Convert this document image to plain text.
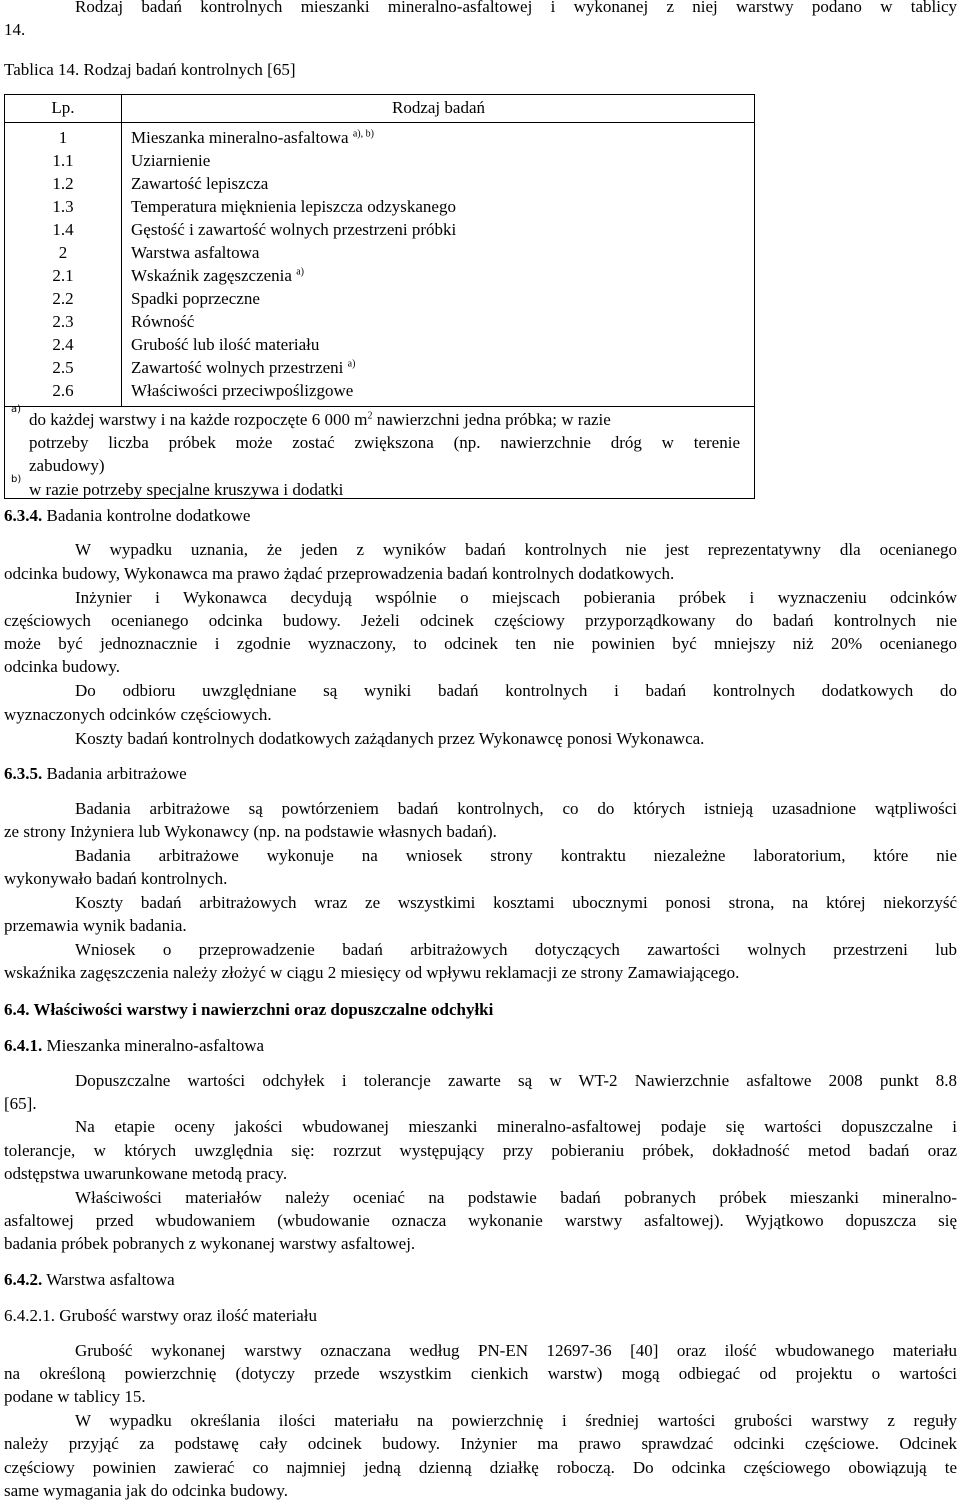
Rodzaj badań kontrolnych mieszanki mineralno-asfaltowej i wykonanej z niej warstwy podano w tablicy
14.
Tablica 14. Rodzaj badań kontrolnych [65]
Lp.	Rodzaj badań
1	Mieszanka mineralno-asfaltowa $^{a), b)}$
1.1	Uziarnienie
1.2	Zawartość lepiszcza
1.3	Temperatura mięknienia lepiszcza odzyskanego
1.4	Gęstość i zawartość wolnych przestrzeni próbki
2	Warstwa asfaltowa
2.1	Wskaźnik zagęszczenia $^{a)}$
2.2	Spadki poprzeczne
2.3	Równość
2.4	Grubość lub ilość materiału
2.5	Zawartość wolnych przestrzeni $^{a)}$
2.6	Właściwości przeciwpoślizgowe
a)
do każdej warstwy i na każde rozpoczęte 6 000 $m^2$ nawierzchni jedna próbka; w razie
potrzeby liczba próbek może zostać zwiększona (np. nawierzchnie dróg w terenie
zabudowy)
b)
w razie potrzeby specjalne kruszywa i dodatki
6.3.4. Badania kontrolne dodatkowe
W wypadku uznania, że jeden z wyników badań kontrolnych nie jest reprezentatywny dla ocenianego
odcinka budowy, Wykonawca ma prawo żądać przeprowadzenia badań kontrolnych dodatkowych.
Inżynier i Wykonawca decydują wspólnie o miejscach pobierania próbek i wyznaczeniu odcinków
częściowych ocenianego odcinka budowy. Jeżeli odcinek częściowy przyporządkowany do badań kontrolnych nie
może być jednoznacznie i zgodnie wyznaczony, to odcinek ten nie powinien być mniejszy niż 20% ocenianego
odcinka budowy.
Do odbioru uwzględniane są wyniki badań kontrolnych i badań kontrolnych dodatkowych do
wyznaczonych odcinków częściowych.
Koszty badań kontrolnych dodatkowych zażądanych przez Wykonawcę ponosi Wykonawca.
6.3.5. Badania arbitrażowe
Badania arbitrażowe są powtórzeniem badań kontrolnych, co do których istnieją uzasadnione wątpliwości
ze strony Inżyniera lub Wykonawcy (np. na podstawie własnych badań).
Badania arbitrażowe wykonuje na wniosek strony kontraktu niezależne laboratorium, które nie
wykonywało badań kontrolnych.
Koszty badań arbitrażowych wraz ze wszystkimi kosztami ubocznymi ponosi strona, na której niekorzyść
przemawia wynik badania.
Wniosek o przeprowadzenie badań arbitrażowych dotyczących zawartości wolnych przestrzeni lub
wskaźnika zagęszczenia należy złożyć w ciągu 2 miesięcy od wpływu reklamacji ze strony Zamawiającego.
6.4. Właściwości warstwy i nawierzchni oraz dopuszczalne odchyłki
6.4.1. Mieszanka mineralno-asfaltowa
Dopuszczalne wartości odchyłek i tolerancje zawarte są w WT-2 Nawierzchnie asfaltowe 2008 punkt 8.8
[65].
Na etapie oceny jakości wbudowanej mieszanki mineralno-asfaltowej podaje się wartości dopuszczalne i
tolerancje, w których uwzględnia się: rozrzut występujący przy pobieraniu próbek, dokładność metod badań oraz
odstępstwa uwarunkowane metodą pracy.
Właściwości materiałów należy oceniać na podstawie badań pobranych próbek mieszanki mineralno-
asfaltowej przed wbudowaniem (wbudowanie oznacza wykonanie warstwy asfaltowej). Wyjątkowo dopuszcza się
badania próbek pobranych z wykonanej warstwy asfaltowej.
6.4.2. Warstwa asfaltowa
6.4.2.1. Grubość warstwy oraz ilość materiału
Grubość wykonanej warstwy oznaczana według PN-EN 12697-36 [40] oraz ilość wbudowanego materiału
na określoną powierzchnię (dotyczy przede wszystkim cienkich warstw) mogą odbiegać od projektu o wartości
podane w tablicy 15.
W wypadku określania ilości materiału na powierzchnię i średniej wartości grubości warstwy z reguły
należy przyjąć za podstawę cały odcinek budowy. Inżynier ma prawo sprawdzać odcinki częściowe. Odcinek
częściowy powinien zawierać co najmniej jedną dzienną działkę roboczą. Do odcinka częściowego obowiązują te
same wymagania jak do odcinka budowy.
